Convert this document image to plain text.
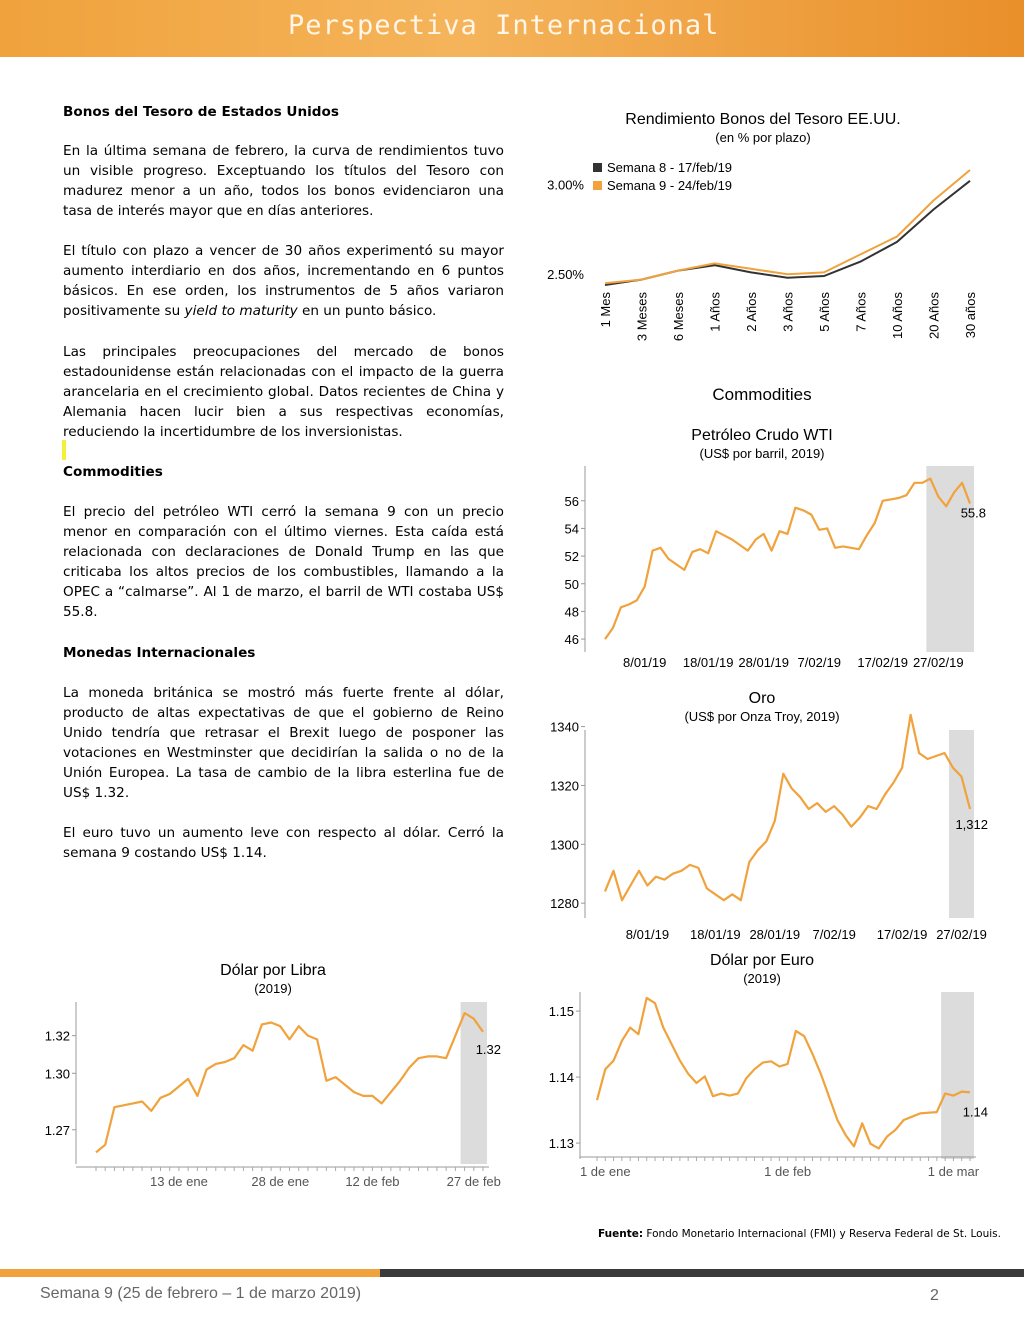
Perspectiva Internacional
Bonos del Tesoro de Estados Unidos
En la última semana de febrero, la curva de rendimientos tuvo un visible progreso. Exceptuando los títulos del Tesoro con madurez menor a un año, todos los bonos evidenciaron una tasa de interés mayor que en días anteriores.

El título con plazo a vencer de 30 años experimentó su mayor aumento interdiario en dos años, incrementando en 6 puntos básicos. En ese orden, los instrumentos de 5 años variaron positivamente su yield to maturity en un punto básico.

Las principales preocupaciones del mercado de bonos estadounidense están relacionadas con el impacto de la guerra arancelaria en el crecimiento global. Datos recientes de China y Alemania hacen lucir bien a sus respectivas economías, reduciendo la incertidumbre de los inversionistas.
Commodities
El precio del petróleo WTI cerró la semana 9 con un precio menor en comparación con el último viernes. Esta caída está relacionada con declaraciones de Donald Trump en las que criticaba los altos precios de los combustibles, llamando a la OPEC a “calmarse”. Al 1 de marzo, el barril de WTI costaba US$ 55.8.
Monedas Internacionales
La moneda británica se mostró más fuerte frente al dólar, producto de altas expectativas de que el gobierno de Reino Unido tendría que retrasar el Brexit luego de posponer las votaciones en Westminster que decidirían la salida o no de la Unión Europea. La tasa de cambio de la libra esterlina fue de US$ 1.32.
El euro tuvo un aumento leve con respecto al dólar. Cerró la semana 9 costando US$ 1.14.
Rendimiento Bonos del Tesoro EE.UU.
(en % por plazo)
2.50%
3.00%
Semana 8 - 17/feb/19
Semana 9 - 24/feb/19
1 Mes 3 Meses 6 Meses 1 Años 2 Años 3 Años 5 Años 7 Años 10 Años 20 Años 30 años
Commodities
Petróleo Crudo WTI
(US$ por barril, 2019)
46
48
50
52
54
56
8/01/19 18/01/19 28/01/19 7/02/19 17/02/19 27/02/19
55.8
Oro
(US$ por Onza Troy, 2019)
1280
1300
1320
1340
8/01/19 18/01/19 28/01/19 7/02/19 17/02/19 27/02/19
1,312
Dólar por Libra
(2019)
1.27
1.30
1.32
13 de ene	28 de ene	12 de feb	27 de feb
1.32
Dólar por Euro
(2019)
1.13
1.14
1.15
1 de ene	1 de feb	1 de mar
1.14
Fuente: Fondo Monetario Internacional (FMI) y Reserva Federal de St. Louis.
Semana 9 (25 de febrero – 1 de marzo 2019)	2
